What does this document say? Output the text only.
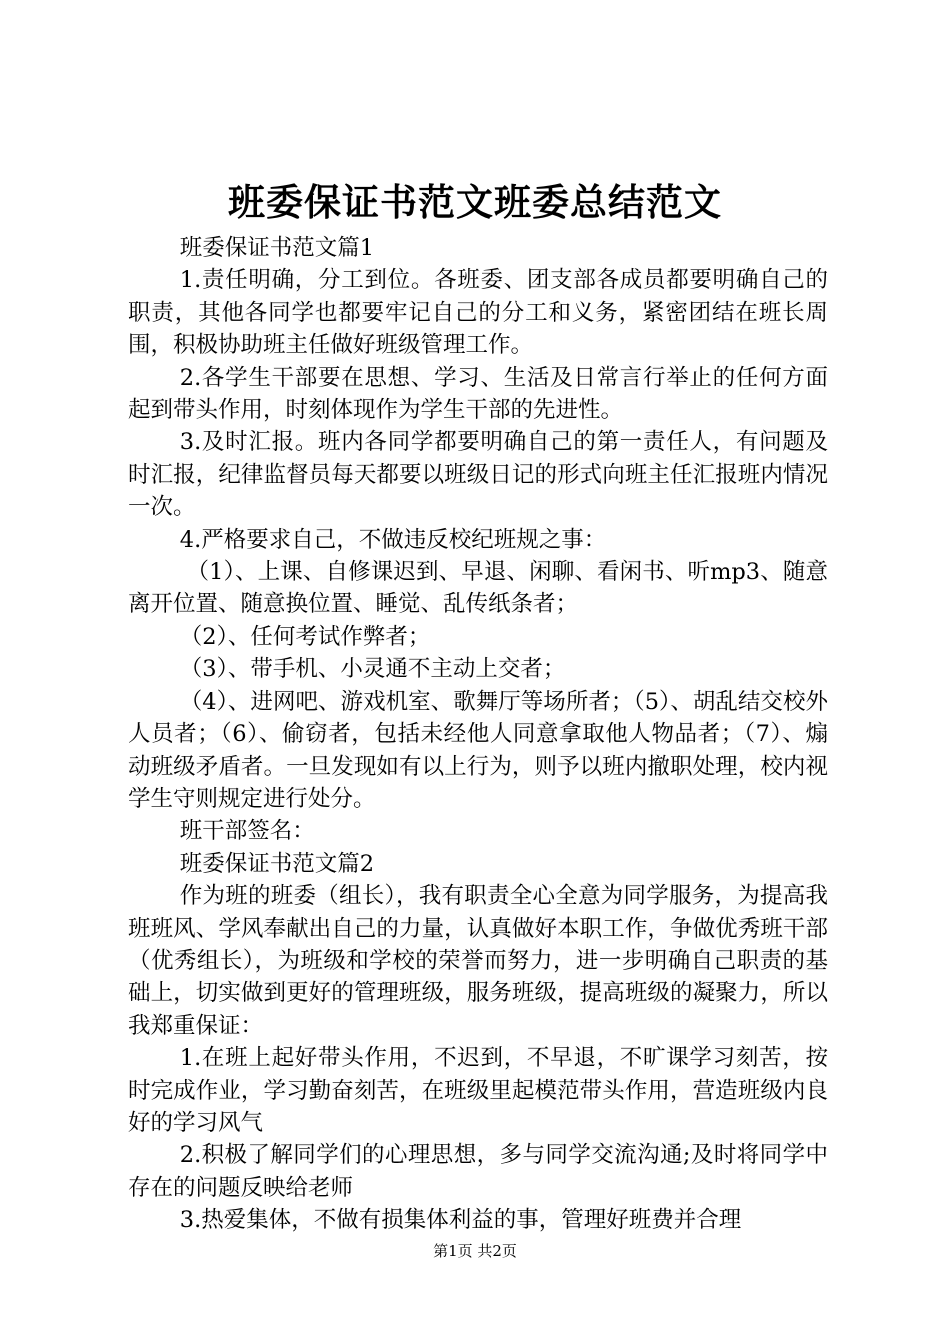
班委保证书范文班委总结范文

班委保证书范文篇1

1.责任明确，分工到位。各班委、团支部各成员都要明确自己的职责，其他各同学也都要牢记自己的分工和义务，紧密团结在班长周围，积极协助班主任做好班级管理工作。

2.各学生干部要在思想、学习、生活及日常言行举止的任何方面起到带头作用，时刻体现作为学生干部的先进性。

3.及时汇报。班内各同学都要明确自己的第一责任人，有问题及时汇报，纪律监督员每天都要以班级日记的形式向班主任汇报班内情况一次。

4.严格要求自己，不做违反校纪班规之事：

（1）、上课、自修课迟到、早退、闲聊、看闲书、听mp3、随意离开位置、随意换位置、睡觉、乱传纸条者；

（2）、任何考试作弊者；

（3）、带手机、小灵通不主动上交者；

（4）、进网吧、游戏机室、歌舞厅等场所者；（5）、胡乱结交校外人员者；（6）、偷窃者，包括未经他人同意拿取他人物品者；（7）、煽动班级矛盾者。一旦发现如有以上行为，则予以班内撤职处理，校内视学生守则规定进行处分。

班干部签名：

班委保证书范文篇2

作为班的班委（组长），我有职责全心全意为同学服务，为提高我班班风、学风奉献出自己的力量，认真做好本职工作，争做优秀班干部（优秀组长），为班级和学校的荣誉而努力，进一步明确自己职责的基础上，切实做到更好的管理班级，服务班级，提高班级的凝聚力，所以我郑重保证：

1.在班上起好带头作用，不迟到，不早退，不旷课学习刻苦，按时完成作业，学习勤奋刻苦，在班级里起模范带头作用，营造班级内良好的学习风气

2.积极了解同学们的心理思想，多与同学交流沟通;及时将同学中存在的问题反映给老师

3.热爱集体，不做有损集体利益的事，管理好班费并合理

第1页 共2页
